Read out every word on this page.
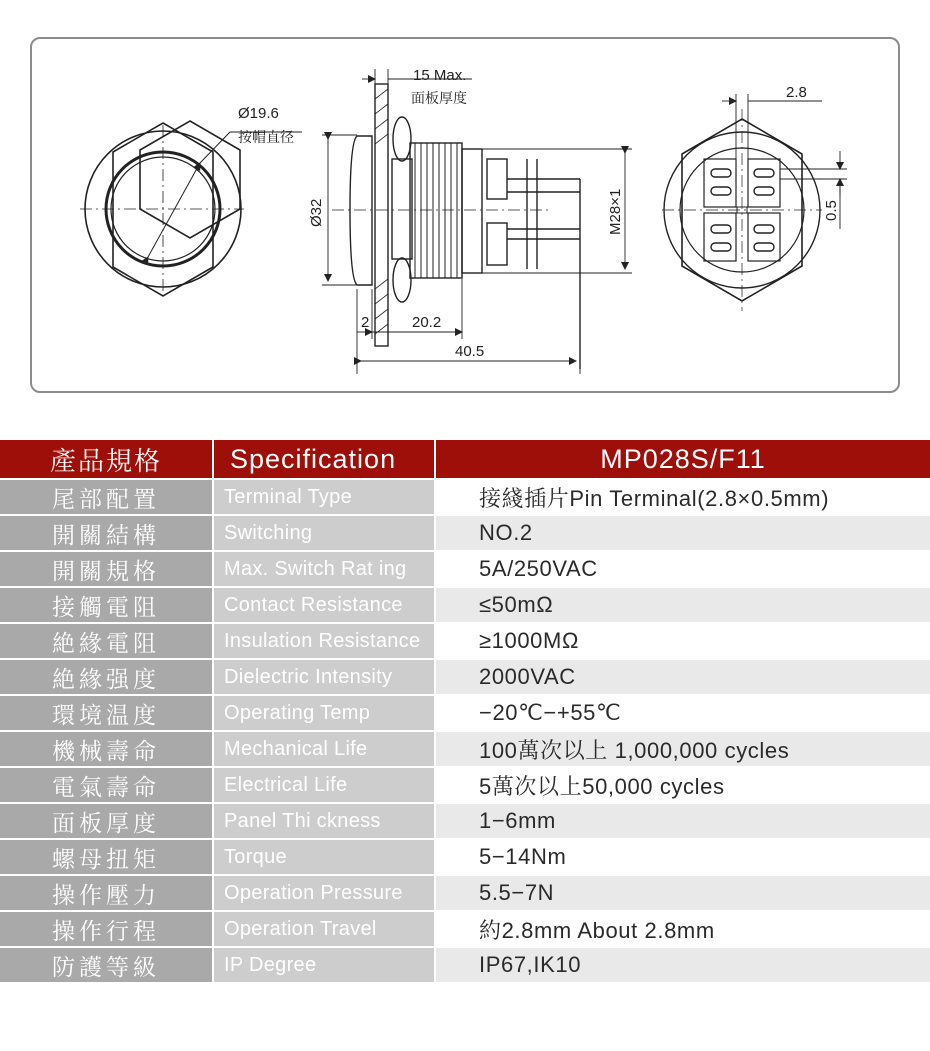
Ø19.6
按帽直径
15 Max.
面板厚度
Ø32	M28×1
2	20.2
40.5
2.8
0.5
產品規格	Specification	MP028S/F11
尾部配置	Terminal Type	接綫插片Pin Terminal(2.8×0.5mm)
開關結構	Switching	NO.2
開關規格	Max. Switch Rat ing	5A/250VAC
接觸電阻	Contact Resistance	≤50mΩ
絶緣電阻	Insulation Resistance	≥1000MΩ
絶緣强度	Dielectric Intensity	2000VAC
環境温度	Operating Temp	−20℃−+55℃
機械壽命	Mechanical Life	100萬次以上 1,000,000 cycles
電氣壽命	Electrical Life	5萬次以上50,000 cycles
面板厚度	Panel Thi ckness	1−6mm
螺母扭矩	Torque	5−14Nm
操作壓力	Operation Pressure	5.5−7N
操作行程	Operation Travel	約2.8mm About 2.8mm
防護等級	IP Degree	IP67,IK10
